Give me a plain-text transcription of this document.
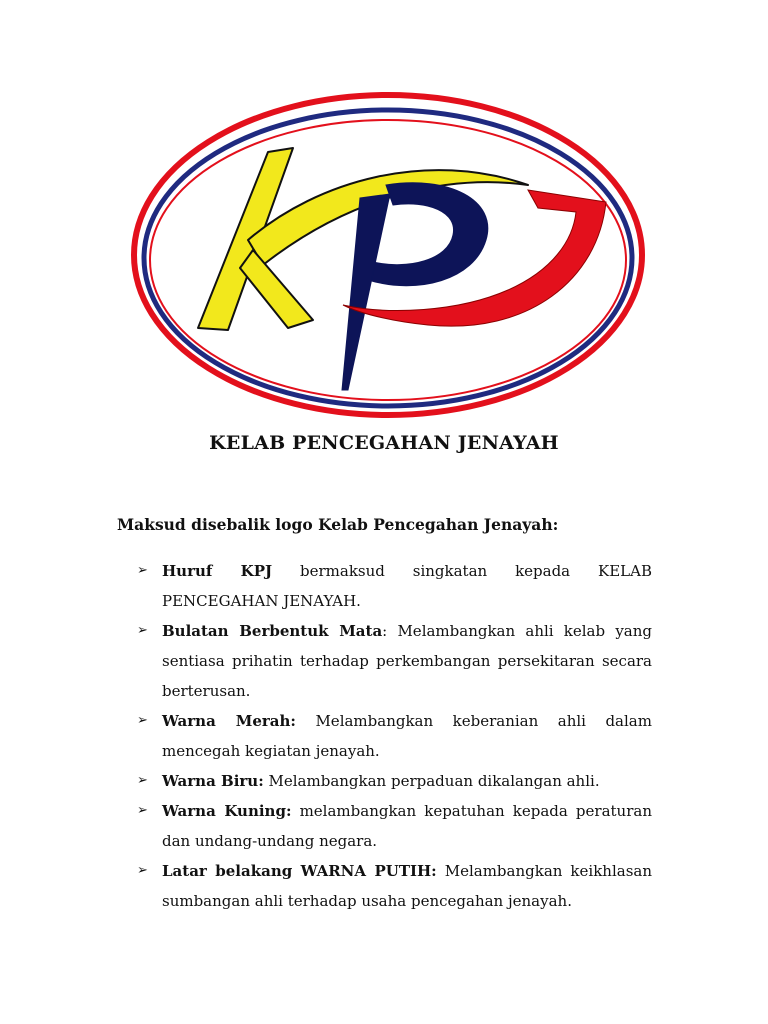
KELAB PENCEGAHAN JENAYAH
Maksud disebalik logo Kelab Pencegahan Jenayah:
➢ Huruf KPJ bermaksud singkatan kepada KELAB PENCEGAHAN JENAYAH.
➢ Bulatan Berbentuk Mata: Melambangkan ahli kelab yang sentiasa prihatin terhadap perkembangan persekitaran secara berterusan.
➢ Warna Merah: Melambangkan keberanian ahli dalam mencegah kegiatan jenayah.
➢ Warna Biru: Melambangkan perpaduan dikalangan ahli.
➢ Warna Kuning: melambangkan kepatuhan kepada peraturan dan undang-undang negara.
➢ Latar belakang WARNA PUTIH: Melambangkan keikhlasan sumbangan ahli terhadap usaha pencegahan jenayah.
